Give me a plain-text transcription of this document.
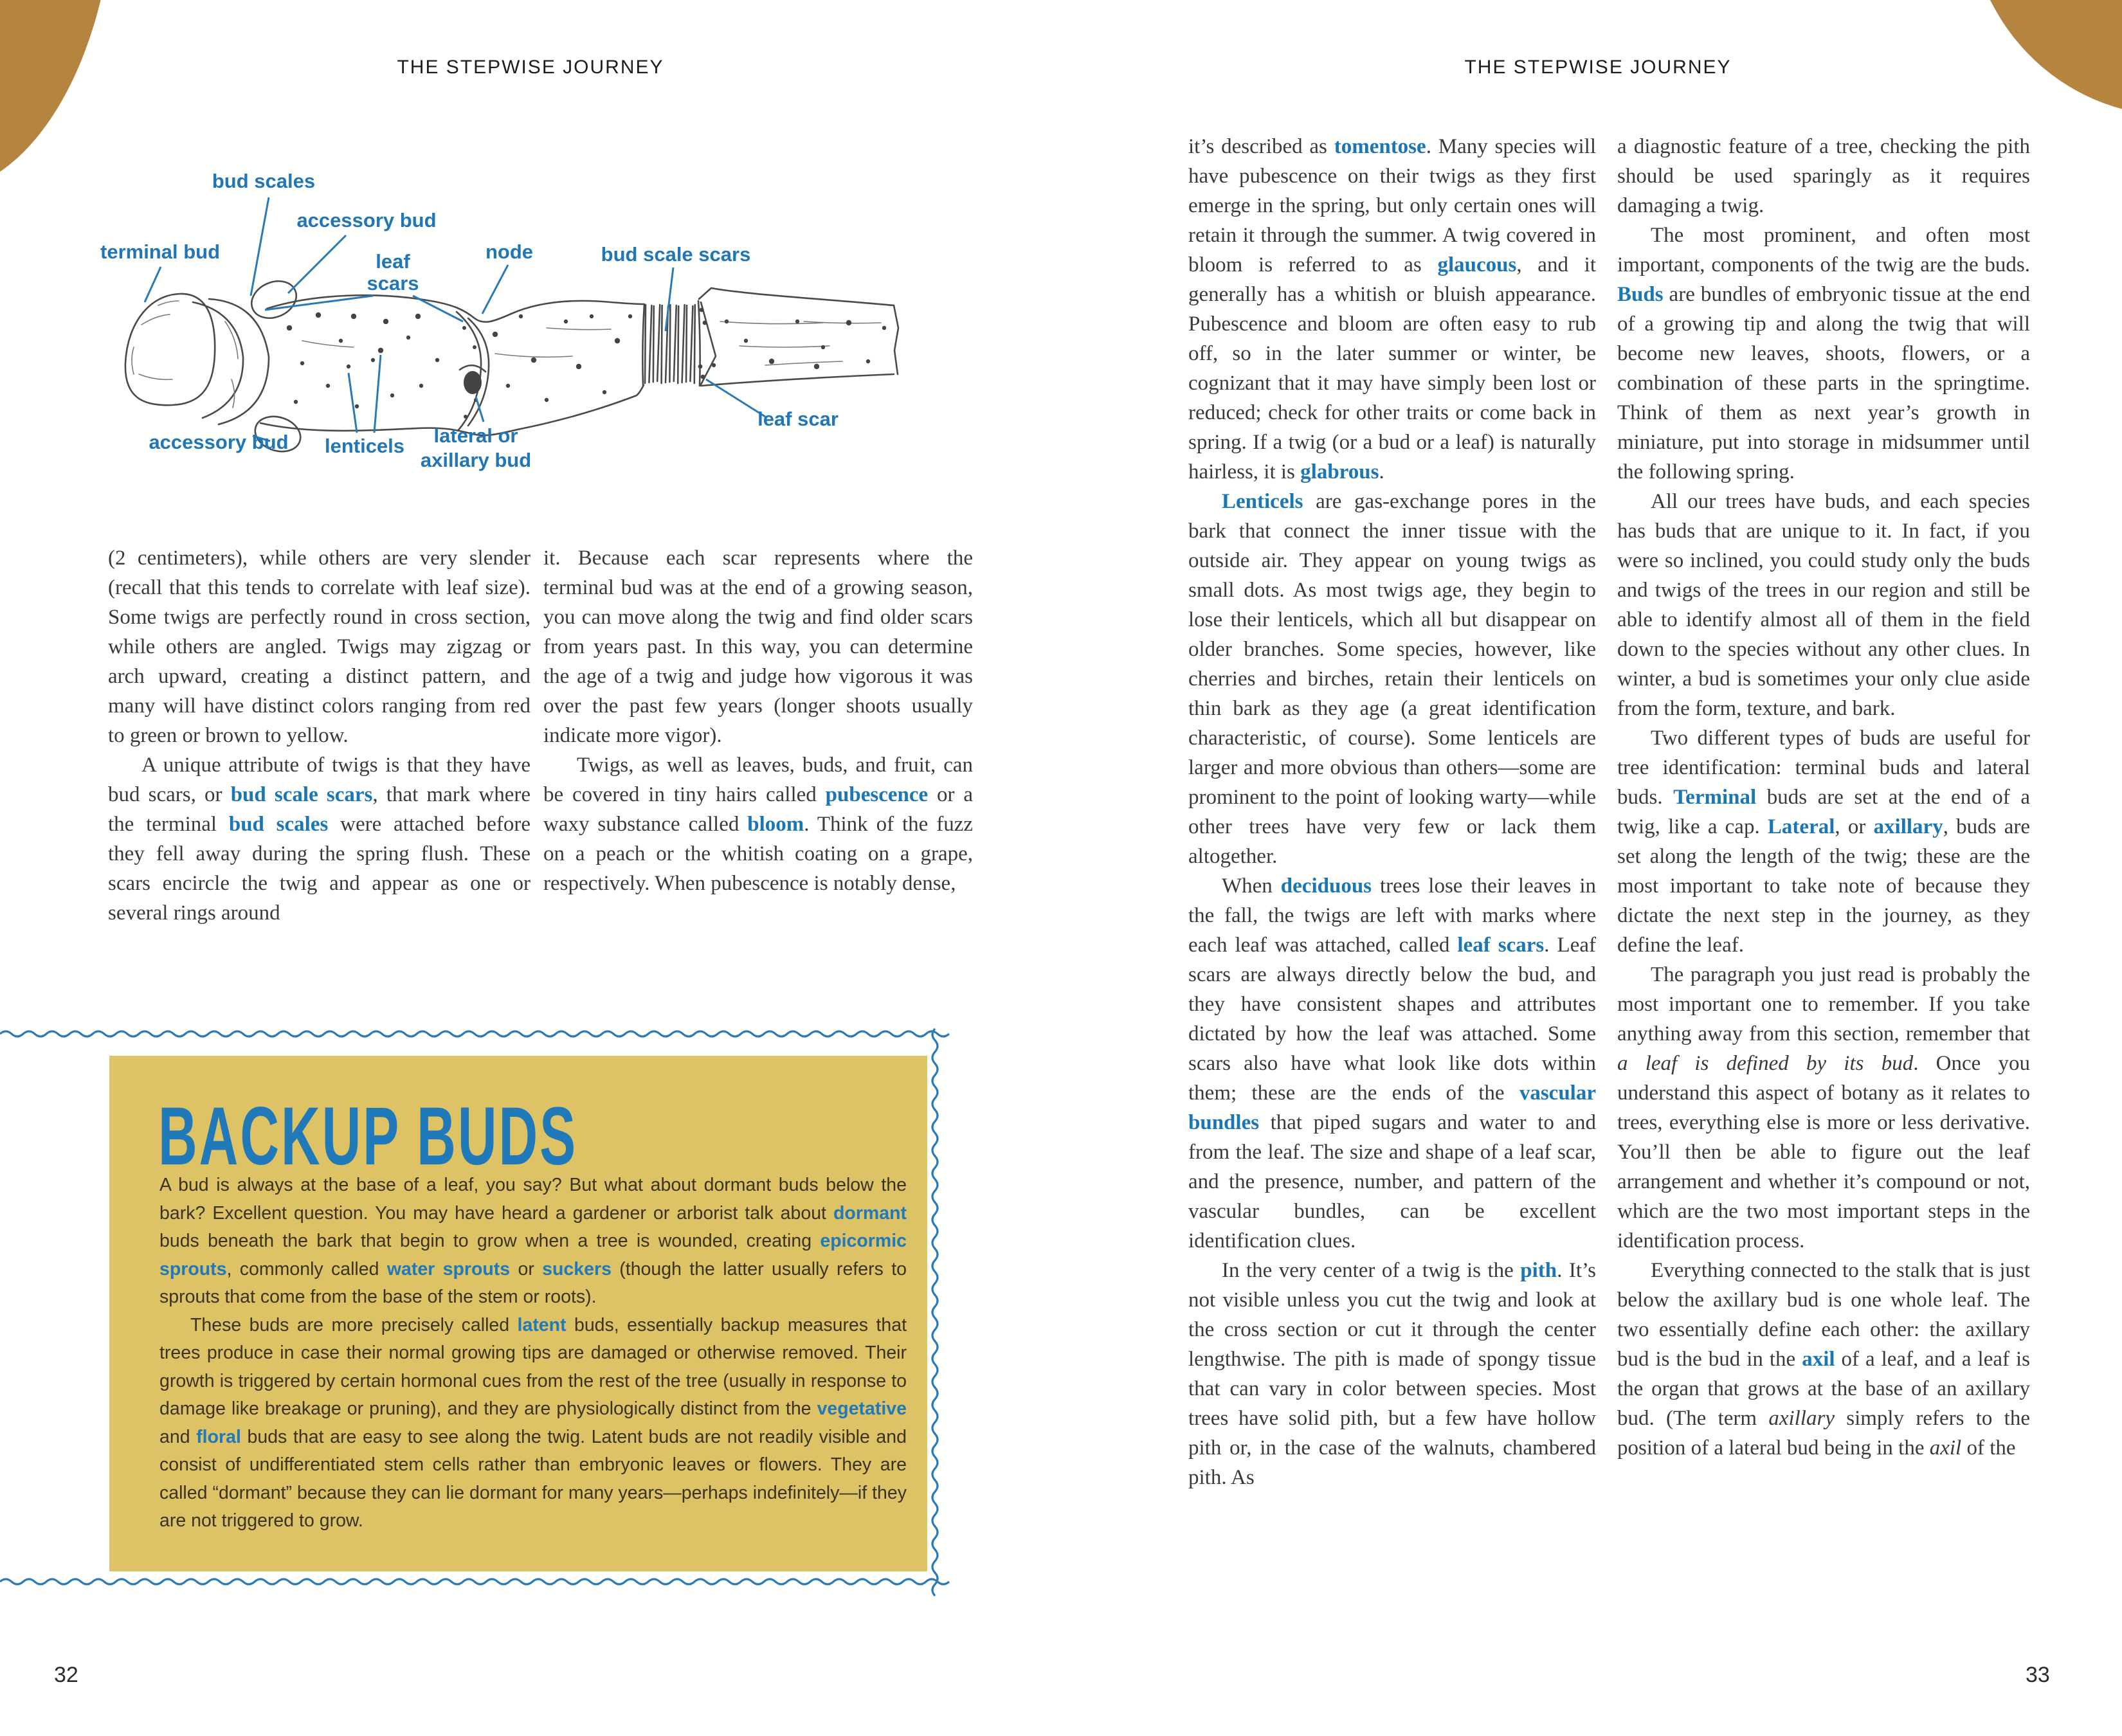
THE STEPWISE JOURNEY	THE STEPWISE JOURNEY
bud scales
accessory bud
terminal bud	leaf
scars
node	bud scale scars
accessory bud lenticels lateral or
axillary bud
leaf scar

(2 centimeters), while others are very slender (recall that this tends to correlate with leaf size). Some twigs are perfectly round in cross section, while others are angled. Twigs may zigzag or arch upward, creating a distinct pattern, and many will have distinct colors ranging from red to green or brown to yellow.

A unique attribute of twigs is that they have bud scars, or bud scale scars, that mark where the terminal bud scales were attached before they fell away during the spring flush. These scars encircle the twig and appear as one or several rings around

it. Because each scar represents where the terminal bud was at the end of a growing season, you can move along the twig and find older scars from years past. In this way, you can determine the age of a twig and judge how vigorous it was over the past few years (longer shoots usually indicate more vigor).

Twigs, as well as leaves, buds, and fruit, can be covered in tiny hairs called pubescence or a waxy substance called bloom. Think of the fuzz on a peach or the whitish coating on a grape, respectively. When pubescence is notably dense,

BACKUP BUDS

A bud is always at the base of a leaf, you say? But what about dormant buds below the bark? Excellent question. You may have heard a gardener or arborist talk about dormant buds beneath the bark that begin to grow when a tree is wounded, creating epicormic sprouts, commonly called water sprouts or suckers (though the latter usually refers to sprouts that come from the base of the stem or roots).

These buds are more precisely called latent buds, essentially backup measures that trees produce in case their normal growing tips are damaged or otherwise removed. Their growth is triggered by certain hormonal cues from the rest of the tree (usually in response to damage like breakage or pruning), and they are physiologically distinct from the vegetative and floral buds that are easy to see along the twig. Latent buds are not readily visible and consist of undifferentiated stem cells rather than embryonic leaves or flowers. They are called “dormant” because they can lie dormant for many years—perhaps indefinitely—if they are not triggered to grow.

it’s described as tomentose. Many species will have pubescence on their twigs as they first emerge in the spring, but only certain ones will retain it through the summer. A twig covered in bloom is referred to as glaucous, and it generally has a whitish or bluish appearance. Pubescence and bloom are often easy to rub off, so in the later summer or winter, be cognizant that it may have simply been lost or reduced; check for other traits or come back in spring. If a twig (or a bud or a leaf) is naturally hairless, it is glabrous.

Lenticels are gas-exchange pores in the bark that connect the inner tissue with the outside air. They appear on young twigs as small dots. As most twigs age, they begin to lose their lenticels, which all but disappear on older branches. Some species, however, like cherries and birches, retain their lenticels on thin bark as they age (a great identification characteristic, of course). Some lenticels are larger and more obvious than others—some are prominent to the point of looking warty—while other trees have very few or lack them altogether.

When deciduous trees lose their leaves in the fall, the twigs are left with marks where each leaf was attached, called leaf scars. Leaf scars are always directly below the bud, and they have consistent shapes and attributes dictated by how the leaf was attached. Some scars also have what look like dots within them; these are the ends of the vascular bundles that piped sugars and water to and from the leaf. The size and shape of a leaf scar, and the presence, number, and pattern of the vascular bundles, can be excellent identification clues.

In the very center of a twig is the pith. It’s not visible unless you cut the twig and look at the cross section or cut it through the center lengthwise. The pith is made of spongy tissue that can vary in color between species. Most trees have solid pith, but a few have hollow pith or, in the case of the walnuts, chambered pith. As

a diagnostic feature of a tree, checking the pith should be used sparingly as it requires damaging a twig.

The most prominent, and often most important, components of the twig are the buds. Buds are bundles of embryonic tissue at the end of a growing tip and along the twig that will become new leaves, shoots, flowers, or a combination of these parts in the springtime. Think of them as next year’s growth in miniature, put into storage in midsummer until the following spring.

All our trees have buds, and each species has buds that are unique to it. In fact, if you were so inclined, you could study only the buds and twigs of the trees in our region and still be able to identify almost all of them in the field down to the species without any other clues. In winter, a bud is sometimes your only clue aside from the form, texture, and bark.

Two different types of buds are useful for tree identification: terminal buds and lateral buds. Terminal buds are set at the end of a twig, like a cap. Lateral, or axillary, buds are set along the length of the twig; these are the most important to take note of because they dictate the next step in the journey, as they define the leaf.

The paragraph you just read is probably the most important one to remember. If you take anything away from this section, remember that a leaf is defined by its bud. Once you understand this aspect of botany as it relates to trees, everything else is more or less derivative. You’ll then be able to figure out the leaf arrangement and whether it’s compound or not, which are the two most important steps in the identification process.

Everything connected to the stalk that is just below the axillary bud is one whole leaf. The two essentially define each other: the axillary bud is the bud in the axil of a leaf, and a leaf is the organ that grows at the base of an axillary bud. (The term axillary simply refers to the position of a lateral bud being in the axil of the

32	33
